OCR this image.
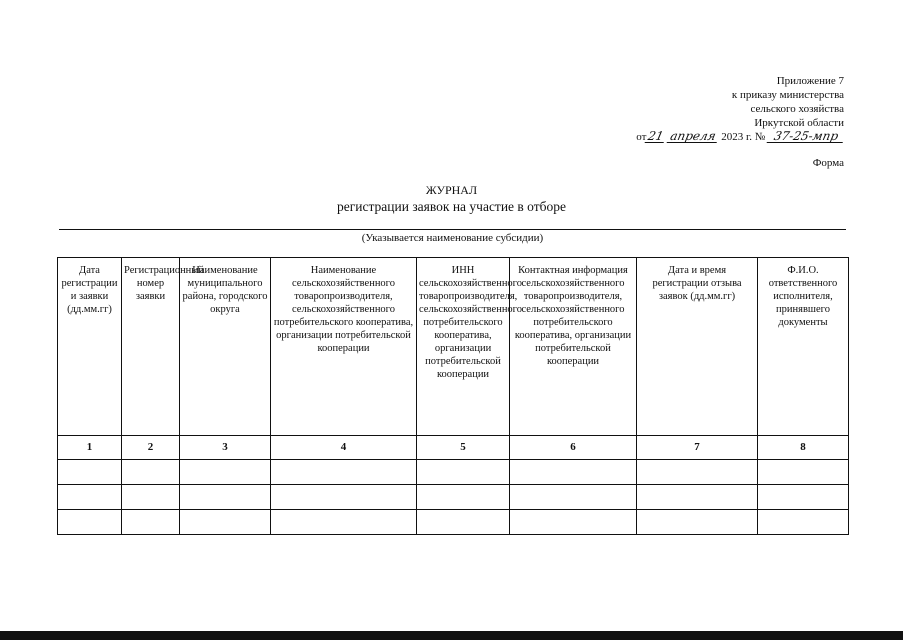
Приложение 7
к приказу министерства
сельского хозяйства
Иркутской области
от21 апреля 2023 г. № 37-25-мпр
Форма
ЖУРНАЛ
регистрации заявок на участие в отборе
(Указывается наименование субсидии)
Дата регистрации и заявки (дд.мм.гг)	Регистрационный номер заявки	Наименование муниципального района, городского округа	Наименование сельскохозяйственного товаропроизводителя, сельскохозяйственного потребительского кооператива, организации потребительской кооперации	ИНН сельскохозяйственного товаропроизводителя, сельскохозяйственного потребительского кооператива, организации потребительской кооперации	Контактная информация сельскохозяйственного товаропроизводителя, сельскохозяйственного потребительского кооператива, организации потребительской кооперации	Дата и время регистрации отзыва заявок (дд.мм.гг)	Ф.И.О. ответственного исполнителя, принявшего документы
1	2	3	4	5	6	7	8
